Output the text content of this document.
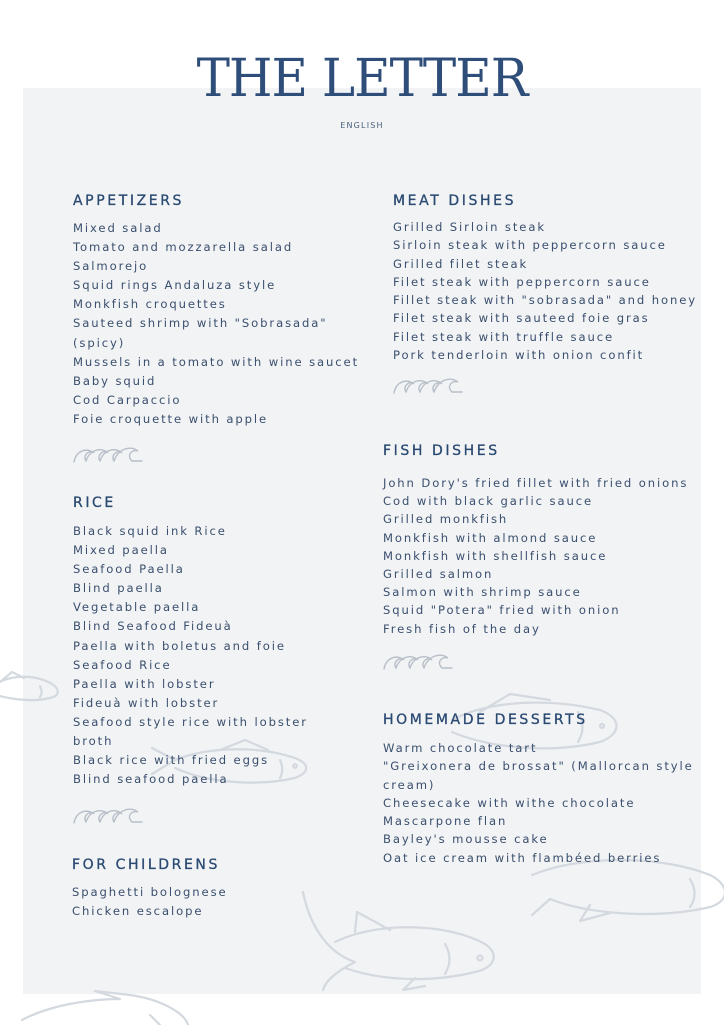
THE LETTER
ENGLISH
APPETIZERS
Mixed salad
Tomato and mozzarella salad
Salmorejo
Squid rings Andaluza style
Monkfish croquettes
Sauteed shrimp with "Sobrasada"
(spicy)
Mussels in a tomato with wine saucet
Baby squid
Cod Carpaccio
Foie croquette with apple
RICE
Black squid ink Rice
Mixed paella
Seafood Paella
Blind paella
Vegetable paella
Blind Seafood Fideuà
Paella with boletus and foie
Seafood Rice
Paella with lobster
Fideuà with lobster
Seafood style rice with lobster
broth
Black rice with fried eggs
Blind seafood paella
FOR CHILDRENS
Spaghetti bolognese
Chicken escalope
MEAT DISHES
Grilled Sirloin steak
Sirloin steak with peppercorn sauce
Grilled filet steak
Filet steak with peppercorn sauce
Fillet steak with "sobrasada" and honey
Filet steak with sauteed foie gras
Filet steak with truffle sauce
Pork tenderloin with onion confit
FISH DISHES
John Dory's fried fillet with fried onions
Cod with black garlic sauce
Grilled monkfish
Monkfish with almond sauce
Monkfish with shellfish sauce
Grilled salmon
Salmon with shrimp sauce
Squid "Potera" fried with onion
Fresh fish of the day
HOMEMADE DESSERTS
Warm chocolate tart
"Greixonera de brossat" (Mallorcan style
cream)
Cheesecake with withe chocolate
Mascarpone flan
Bayley's mousse cake
Oat ice cream with flambéed berries
